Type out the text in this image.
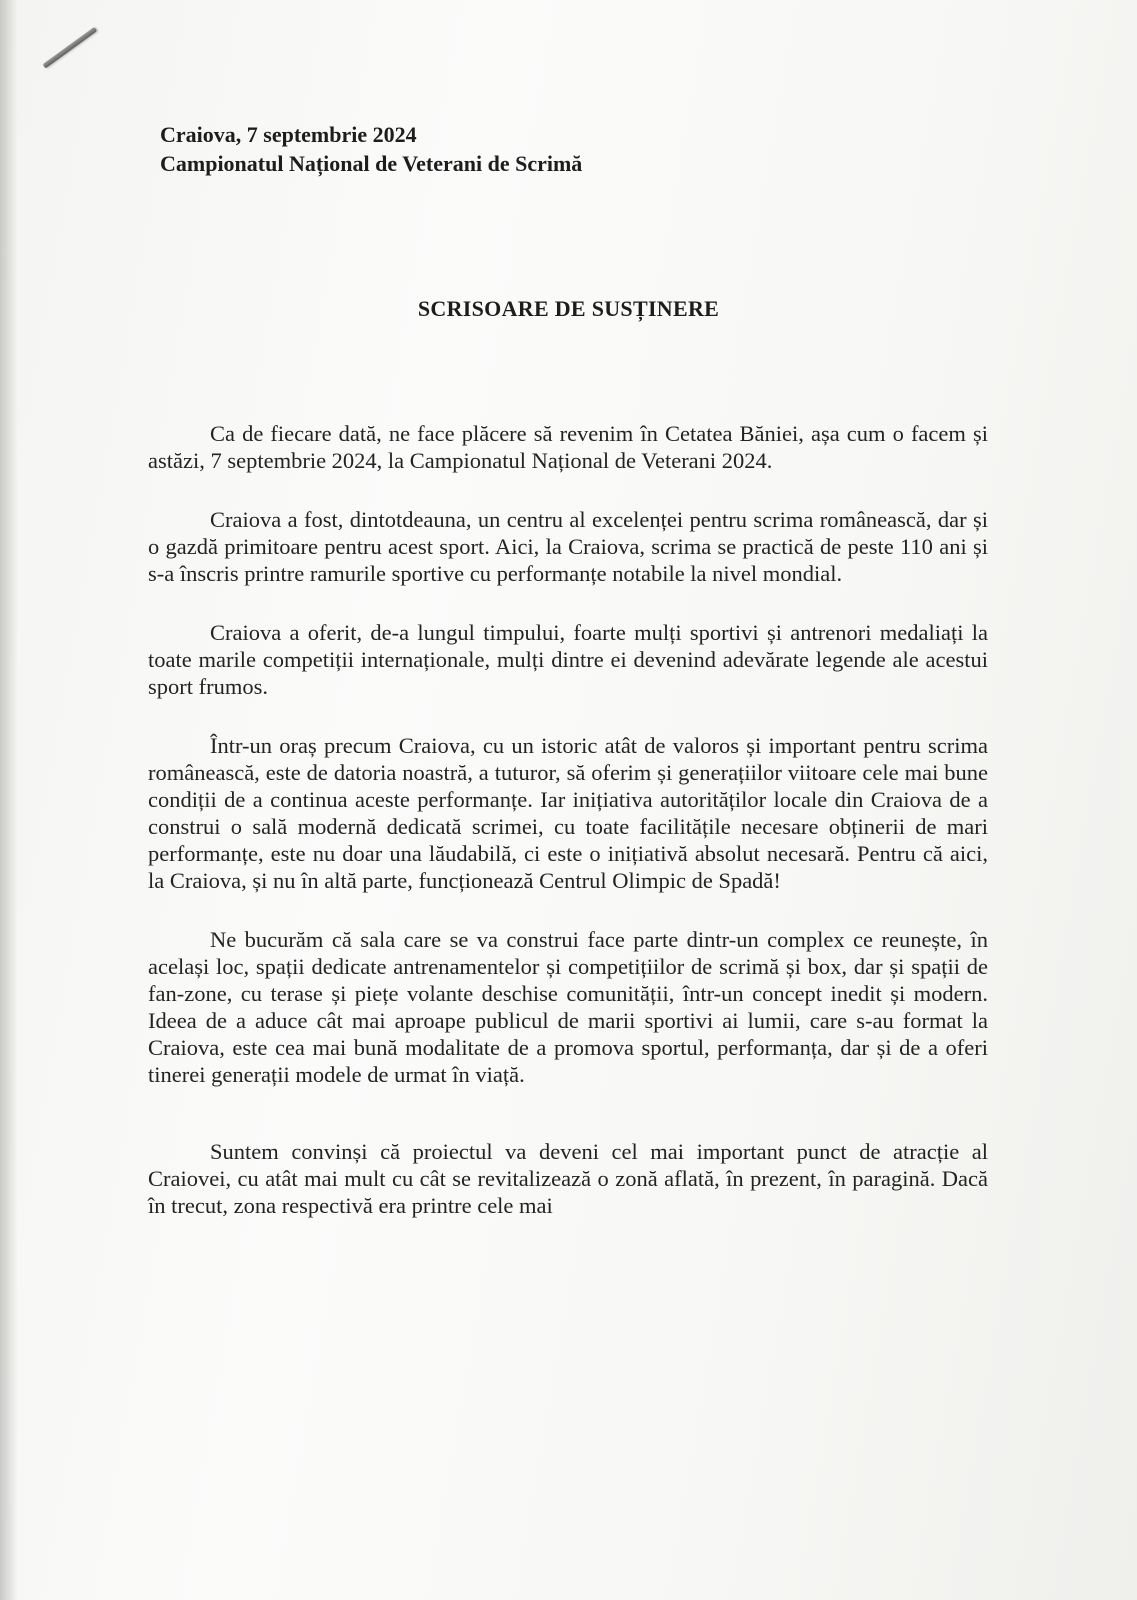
Craiova, 7 septembrie 2024
Campionatul Național de Veterani de Scrimă
SCRISOARE DE SUSȚINERE

Ca de fiecare dată, ne face plăcere să revenim în Cetatea Băniei, așa cum o facem și astăzi, 7 septembrie 2024, la Campionatul Național de Veterani 2024.

Craiova a fost, dintotdeauna, un centru al excelenței pentru scrima românească, dar și o gazdă primitoare pentru acest sport. Aici, la Craiova, scrima se practică de peste 110 ani și s-a înscris printre ramurile sportive cu performanțe notabile la nivel mondial.

Craiova a oferit, de-a lungul timpului, foarte mulți sportivi și antrenori medaliați la toate marile competiții internaționale, mulți dintre ei devenind adevărate legende ale acestui sport frumos.

Într-un oraș precum Craiova, cu un istoric atât de valoros și important pentru scrima românească, este de datoria noastră, a tuturor, să oferim și generațiilor viitoare cele mai bune condiții de a continua aceste performanțe. Iar inițiativa autorităților locale din Craiova de a construi o sală modernă dedicată scrimei, cu toate facilitățile necesare obținerii de mari performanțe, este nu doar una lăudabilă, ci este o inițiativă absolut necesară. Pentru că aici, la Craiova, și nu în altă parte, funcționează Centrul Olimpic de Spadă!

Ne bucurăm că sala care se va construi face parte dintr-un complex ce reunește, în același loc, spații dedicate antrenamentelor și competițiilor de scrimă și box, dar și spații de fan-zone, cu terase și piețe volante deschise comunității, într-un concept inedit și modern. Ideea de a aduce cât mai aproape publicul de marii sportivi ai lumii, care s-au format la Craiova, este cea mai bună modalitate de a promova sportul, performanța, dar și de a oferi tinerei generații modele de urmat în viață.

Suntem convinși că proiectul va deveni cel mai important punct de atracție al Craiovei, cu atât mai mult cu cât se revitalizează o zonă aflată, în prezent, în paragină. Dacă în trecut, zona respectivă era printre cele mai
